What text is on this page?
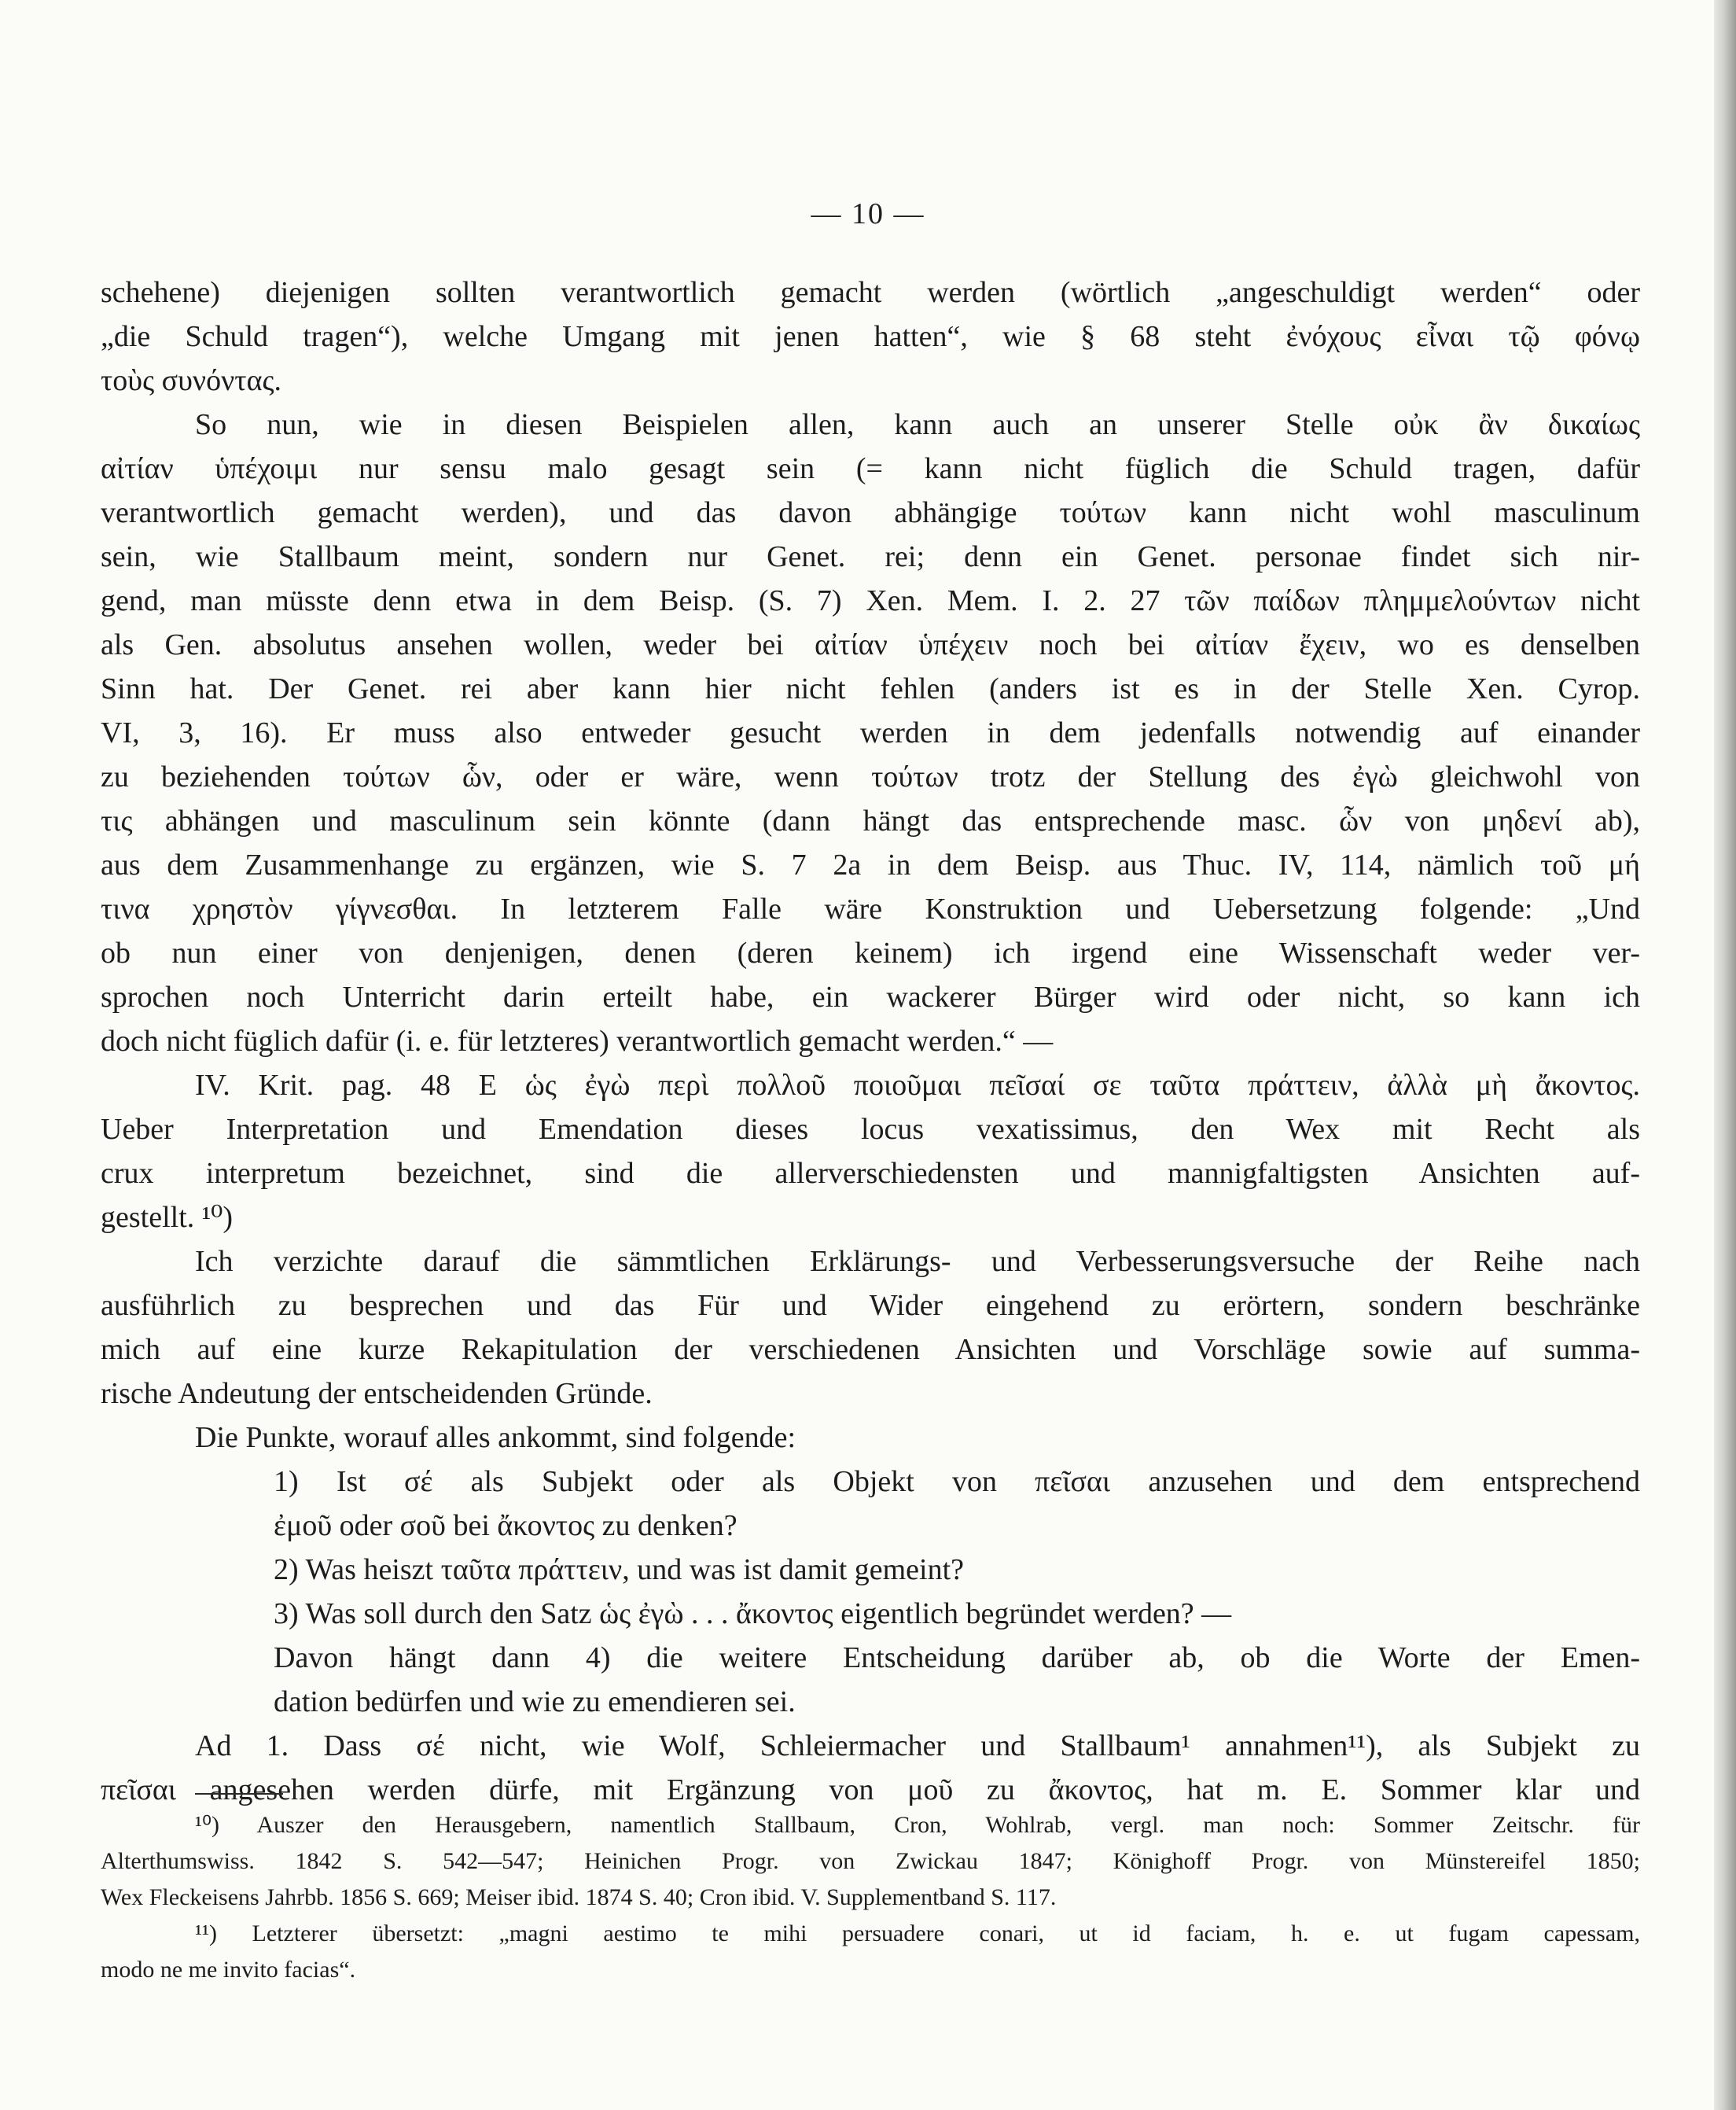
— 10 —
schehene) diejenigen sollten verantwortlich gemacht werden (wörtlich „angeschuldigt werden“ oder
„die Schuld tragen“), welche Umgang mit jenen hatten“, wie § 68 steht ἐνόχους εἶναι τῷ φόνῳ
τοὺς συνόντας.
So nun, wie in diesen Beispielen allen, kann auch an unserer Stelle οὐκ ἂν δικαίως
αἰτίαν ὑπέχοιμι nur sensu malo gesagt sein (= kann nicht füglich die Schuld tragen, dafür
verantwortlich gemacht werden), und das davon abhängige τούτων kann nicht wohl masculinum
sein, wie Stallbaum meint, sondern nur Genet. rei; denn ein Genet. personae findet sich nir-
gend, man müsste denn etwa in dem Beisp. (S. 7) Xen. Mem. I. 2. 27 τῶν παίδων πλημμελούντων nicht
als Gen. absolutus ansehen wollen, weder bei αἰτίαν ὑπέχειν noch bei αἰτίαν ἔχειν, wo es denselben
Sinn hat. Der Genet. rei aber kann hier nicht fehlen (anders ist es in der Stelle Xen. Cyrop.
VI, 3, 16). Er muss also entweder gesucht werden in dem jedenfalls notwendig auf einander
zu beziehenden τούτων ὧν, oder er wäre, wenn τούτων trotz der Stellung des ἐγὼ gleichwohl von
τις abhängen und masculinum sein könnte (dann hängt das entsprechende masc. ὧν von μηδενί ab),
aus dem Zusammenhange zu ergänzen, wie S. 7 2a in dem Beisp. aus Thuc. IV, 114, nämlich τοῦ μή
τινα χρηστὸν γίγνεσθαι. In letzterem Falle wäre Konstruktion und Uebersetzung folgende: „Und
ob nun einer von denjenigen, denen (deren keinem) ich irgend eine Wissenschaft weder ver-
sprochen noch Unterricht darin erteilt habe, ein wackerer Bürger wird oder nicht, so kann ich
doch nicht füglich dafür (i. e. für letzteres) verantwortlich gemacht werden.“ —
IV. Krit. pag. 48 E ὡς ἐγὼ περὶ πολλοῦ ποιοῦμαι πεῖσαί σε ταῦτα πράττειν, ἀλλὰ μὴ ἄκοντος.
Ueber Interpretation und Emendation dieses locus vexatissimus, den Wex mit Recht als
crux interpretum bezeichnet, sind die allerverschiedensten und mannigfaltigsten Ansichten auf-
gestellt. ¹⁰)
Ich verzichte darauf die sämmtlichen Erklärungs- und Verbesserungsversuche der Reihe nach
ausführlich zu besprechen und das Für und Wider eingehend zu erörtern, sondern beschränke
mich auf eine kurze Rekapitulation der verschiedenen Ansichten und Vorschläge sowie auf summa-
rische Andeutung der entscheidenden Gründe.
Die Punkte, worauf alles ankommt, sind folgende:
1) Ist σέ als Subjekt oder als Objekt von πεῖσαι anzusehen und dem entsprechend
ἐμοῦ oder σοῦ bei ἄκοντος zu denken?
2) Was heiszt ταῦτα πράττειν, und was ist damit gemeint?
3) Was soll durch den Satz ὡς ἐγὼ . . . ἄκοντος eigentlich begründet werden? —
Davon hängt dann 4) die weitere Entscheidung darüber ab, ob die Worte der Emen-
dation bedürfen und wie zu emendieren sei.
Ad 1. Dass σέ nicht, wie Wolf, Schleiermacher und Stallbaum¹ annahmen¹¹), als Subjekt zu
πεῖσαι angesehen werden dürfe, mit Ergänzung von μοῦ zu ἄκοντος, hat m. E. Sommer klar und
¹⁰) Auszer den Herausgebern, namentlich Stallbaum, Cron, Wohlrab, vergl. man noch: Sommer Zeitschr. für
Alterthumswiss. 1842 S. 542—547; Heinichen Progr. von Zwickau 1847; Könighoff Progr. von Münstereifel 1850;
Wex Fleckeisens Jahrbb. 1856 S. 669; Meiser ibid. 1874 S. 40; Cron ibid. V. Supplementband S. 117.
¹¹) Letzterer übersetzt: „magni aestimo te mihi persuadere conari, ut id faciam, h. e. ut fugam capessam,
modo ne me invito facias“.
